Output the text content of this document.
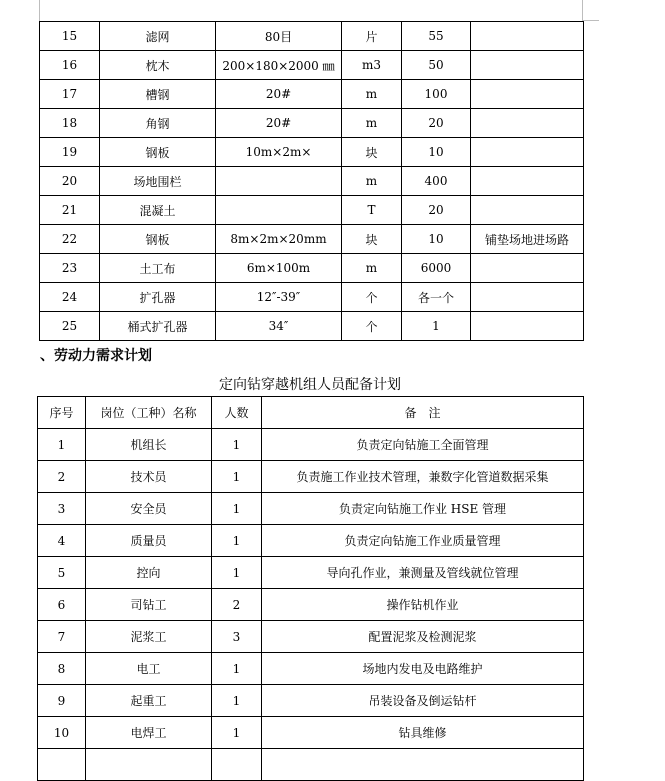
15	滤网	80目	片	55	
16	枕木	200×180×2000 ㎜	m3	50	
17	槽钢	20#	m	100	
18	角钢	20#	m	20	
19	钢板	10m×2m×	块	10	
20	场地围栏		m	400	
21	混凝土		T	20	
22	钢板	8m×2m×20mm	块	10	铺垫场地进场路
23	土工布	6m×100m	m	6000	
24	扩孔器	12″-39″	个	各一个	
25	桶式扩孔器	34″	个	1	
、劳动力需求计划
定向钻穿越机组人员配备计划
序号	岗位（工种）名称	人数	备　注
1	机组长	1	负责定向钻施工全面管理
2	技术员	1	负责施工作业技术管理，兼数字化管道数据采集
3	安全员	1	负责定向钻施工作业 HSE 管理
4	质量员	1	负责定向钻施工作业质量管理
5	控向	1	导向孔作业，兼测量及管线就位管理
6	司钻工	2	操作钻机作业
7	泥浆工	3	配置泥浆及检测泥浆
8	电工	1	场地内发电及电路维护
9	起重工	1	吊装设备及倒运钻杆
10	电焊工	1	钻具维修
